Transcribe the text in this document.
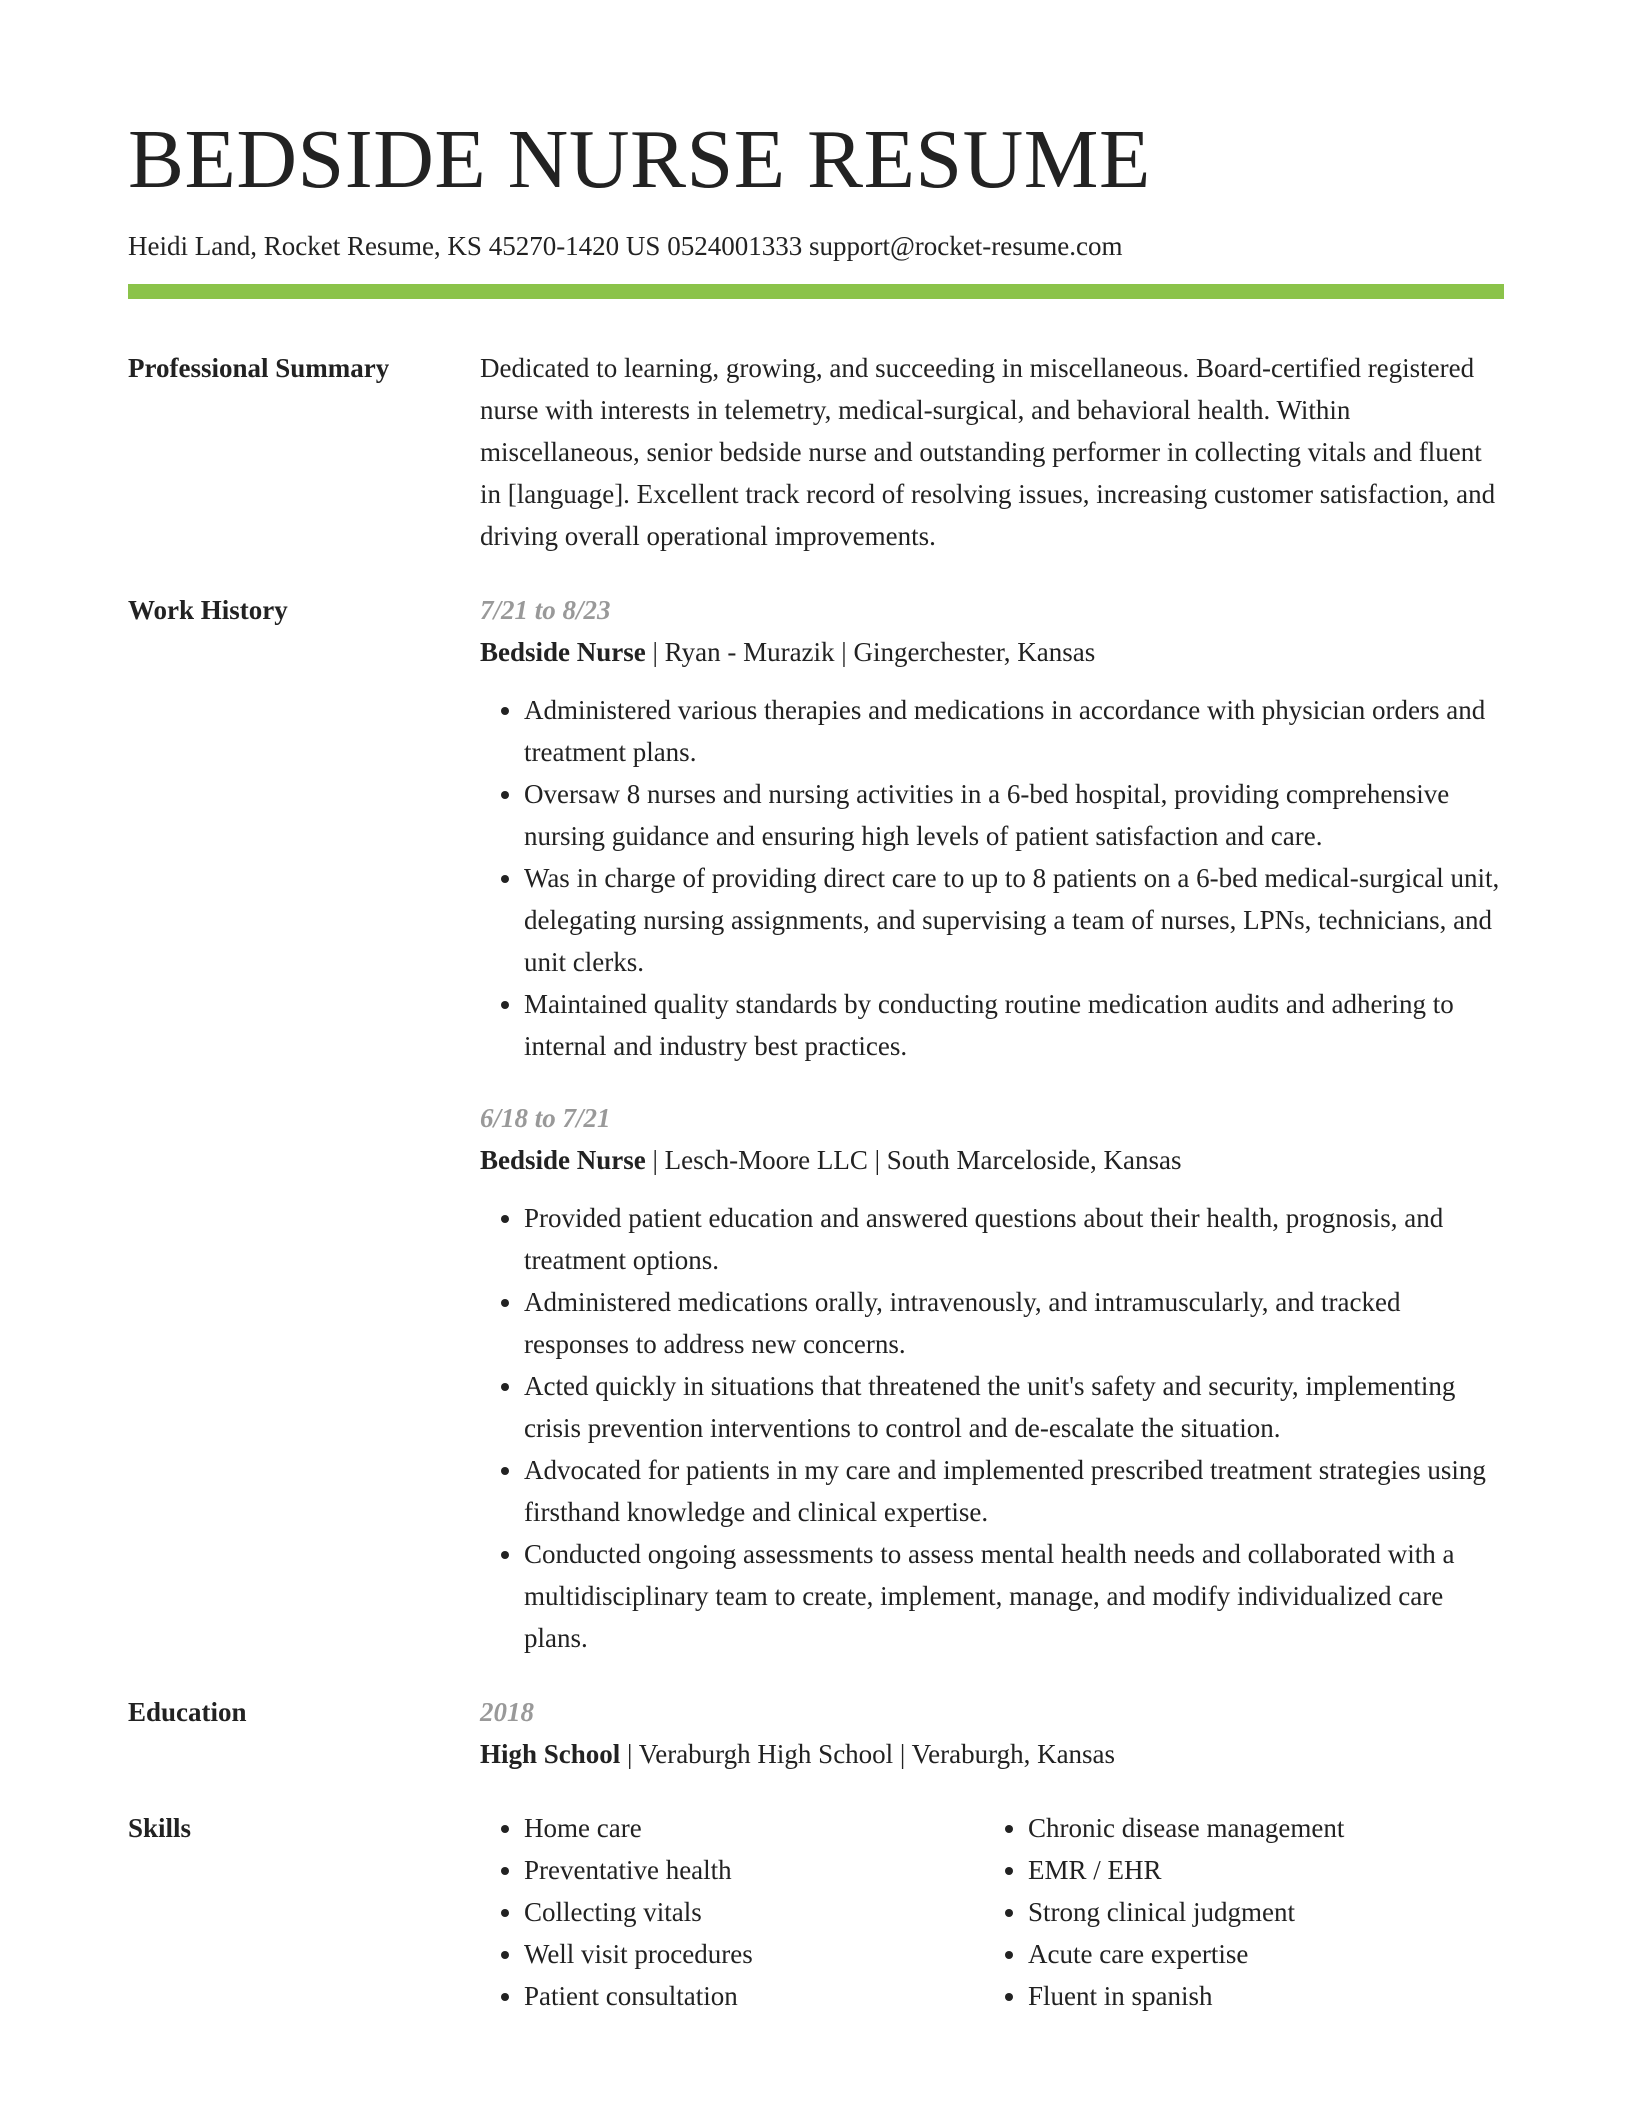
BEDSIDE NURSE RESUME
Heidi Land, Rocket Resume, KS 45270-1420 US 0524001333 support@rocket-resume.com
Professional Summary	Dedicated to learning, growing, and succeeding in miscellaneous. Board-certified registered nurse with interests in telemetry, medical-surgical, and behavioral health. Within miscellaneous, senior bedside nurse and outstanding performer in collecting vitals and fluent in [language]. Excellent track record of resolving issues, increasing customer satisfaction, and driving overall operational improvements.
Work History	7/21 to 8/23
Bedside Nurse | Ryan - Murazik | Gingerchester, Kansas
• Administered various therapies and medications in accordance with physician orders and treatment plans.
• Oversaw 8 nurses and nursing activities in a 6-bed hospital, providing comprehensive nursing guidance and ensuring high levels of patient satisfaction and care.
• Was in charge of providing direct care to up to 8 patients on a 6-bed medical-surgical unit, delegating nursing assignments, and supervising a team of nurses, LPNs, technicians, and unit clerks.
• Maintained quality standards by conducting routine medication audits and adhering to internal and industry best practices.
6/18 to 7/21
Bedside Nurse | Lesch-Moore LLC | South Marceloside, Kansas
• Provided patient education and answered questions about their health, prognosis, and treatment options.
• Administered medications orally, intravenously, and intramuscularly, and tracked responses to address new concerns.
• Acted quickly in situations that threatened the unit's safety and security, implementing crisis prevention interventions to control and de-escalate the situation.
• Advocated for patients in my care and implemented prescribed treatment strategies using firsthand knowledge and clinical expertise.
• Conducted ongoing assessments to assess mental health needs and collaborated with a multidisciplinary team to create, implement, manage, and modify individualized care plans.
Education	2018
High School | Veraburgh High School | Veraburgh, Kansas
Skills
•	Home care
• Preventative health
• Collecting vitals
• Well visit procedures
• Patient consultation
• Chronic disease management
• EMR / EHR
• Strong clinical judgment
• Acute care expertise
• Fluent in spanish
